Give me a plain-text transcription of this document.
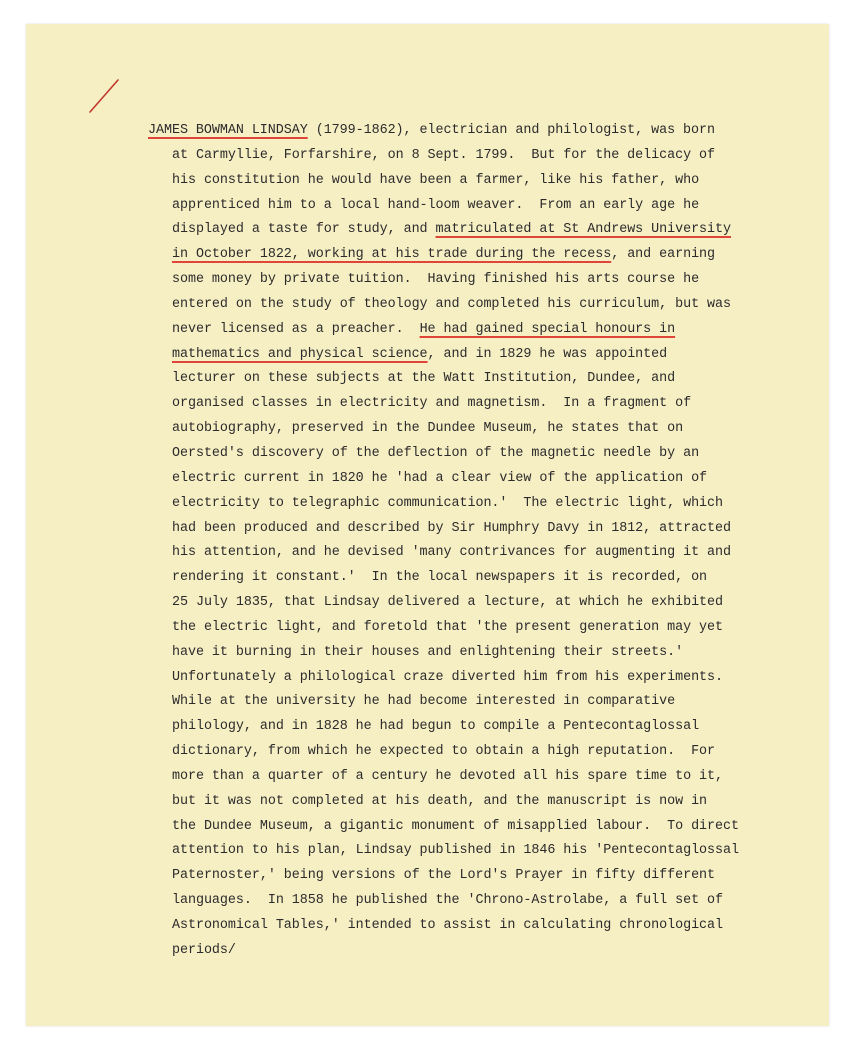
JAMES BOWMAN LINDSAY (1799-1862), electrician and philologist, was born
at Carmyllie, Forfarshire, on 8 Sept. 1799.  But for the delicacy of
his constitution he would have been a farmer, like his father, who
apprenticed him to a local hand-loom weaver.  From an early age he
displayed a taste for study, and matriculated at St Andrews University
in October 1822, working at his trade during the recess, and earning
some money by private tuition.  Having finished his arts course he
entered on the study of theology and completed his curriculum, but was
never licensed as a preacher.  He had gained special honours in
mathematics and physical science, and in 1829 he was appointed
lecturer on these subjects at the Watt Institution, Dundee, and
organised classes in electricity and magnetism.  In a fragment of
autobiography, preserved in the Dundee Museum, he states that on
Oersted's discovery of the deflection of the magnetic needle by an
electric current in 1820 he 'had a clear view of the application of
electricity to telegraphic communication.'  The electric light, which
had been produced and described by Sir Humphry Davy in 1812, attracted
his attention, and he devised 'many contrivances for augmenting it and
rendering it constant.'  In the local newspapers it is recorded, on
25 July 1835, that Lindsay delivered a lecture, at which he exhibited
the electric light, and foretold that 'the present generation may yet
have it burning in their houses and enlightening their streets.'
Unfortunately a philological craze diverted him from his experiments.
While at the university he had become interested in comparative
philology, and in 1828 he had begun to compile a Pentecontaglossal
dictionary, from which he expected to obtain a high reputation.  For
more than a quarter of a century he devoted all his spare time to it,
but it was not completed at his death, and the manuscript is now in
the Dundee Museum, a gigantic monument of misapplied labour.  To direct
attention to his plan, Lindsay published in 1846 his 'Pentecontaglossal
Paternoster,' being versions of the Lord's Prayer in fifty different
languages.  In 1858 he published the 'Chrono-Astrolabe, a full set of
Astronomical Tables,' intended to assist in calculating chronological
periods/
